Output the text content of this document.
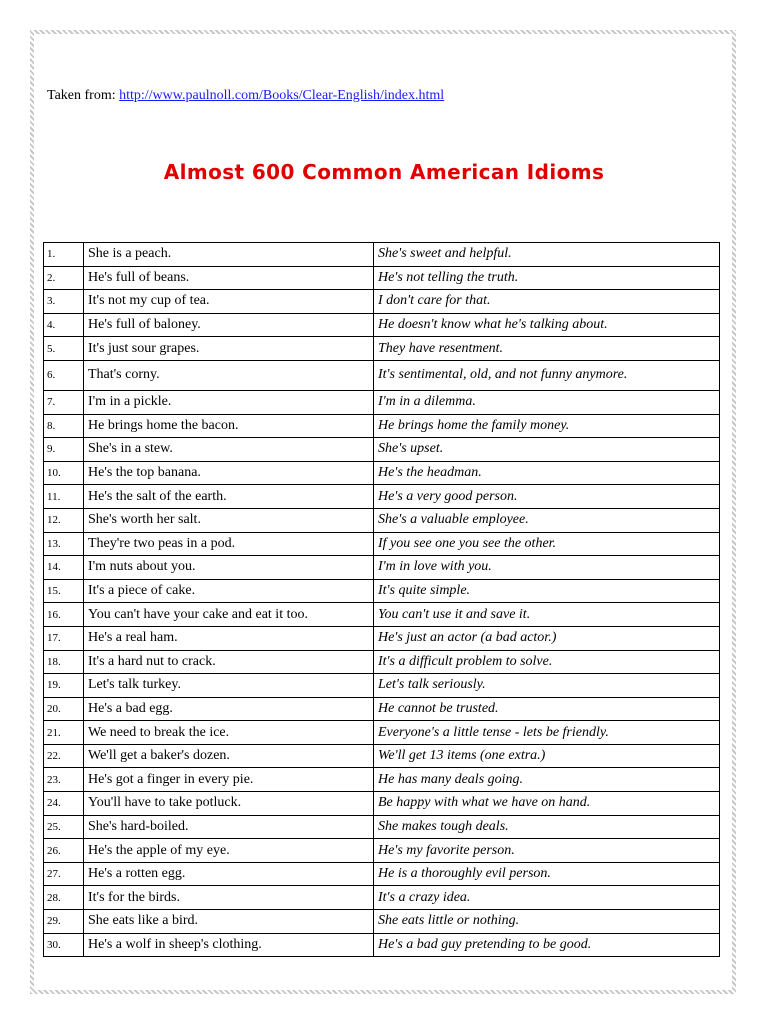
Taken from: http://www.paulnoll.com/Books/Clear-English/index.html
Almost 600 Common American Idioms
1.	She is a peach.	She's sweet and helpful.
2.	He's full of beans.	He's not telling the truth.
3.	It's not my cup of tea.	I don't care for that.
4.	He's full of baloney.	He doesn't know what he's talking about.
5.	It's just sour grapes.	They have resentment.
6.	That's corny.	It's sentimental, old, and not funny anymore.
7.	I'm in a pickle.	I'm in a dilemma.
8.	He brings home the bacon.	He brings home the family money.
9.	She's in a stew.	She's upset.
10.	He's the top banana.	He's the headman.
11.	He's the salt of the earth.	He's a very good person.
12.	She's worth her salt.	She's a valuable employee.
13.	They're two peas in a pod.	If you see one you see the other.
14.	I'm nuts about you.	I'm in love with you.
15.	It's a piece of cake.	It's quite simple.
16.	You can't have your cake and eat it too.	You can't use it and save it.
17.	He's a real ham.	He's just an actor (a bad actor.)
18.	It's a hard nut to crack.	It's a difficult problem to solve.
19.	Let's talk turkey.	Let's talk seriously.
20.	He's a bad egg.	He cannot be trusted.
21.	We need to break the ice.	Everyone's a little tense - lets be friendly.
22.	We'll get a baker's dozen.	We'll get 13 items (one extra.)
23.	He's got a finger in every pie.	He has many deals going.
24.	You'll have to take potluck.	Be happy with what we have on hand.
25.	She's hard-boiled.	She makes tough deals.
26.	He's the apple of my eye.	He's my favorite person.
27.	He's a rotten egg.	He is a thoroughly evil person.
28.	It's for the birds.	It's a crazy idea.
29.	She eats like a bird.	She eats little or nothing.
30.	He's a wolf in sheep's clothing.	He's a bad guy pretending to be good.
